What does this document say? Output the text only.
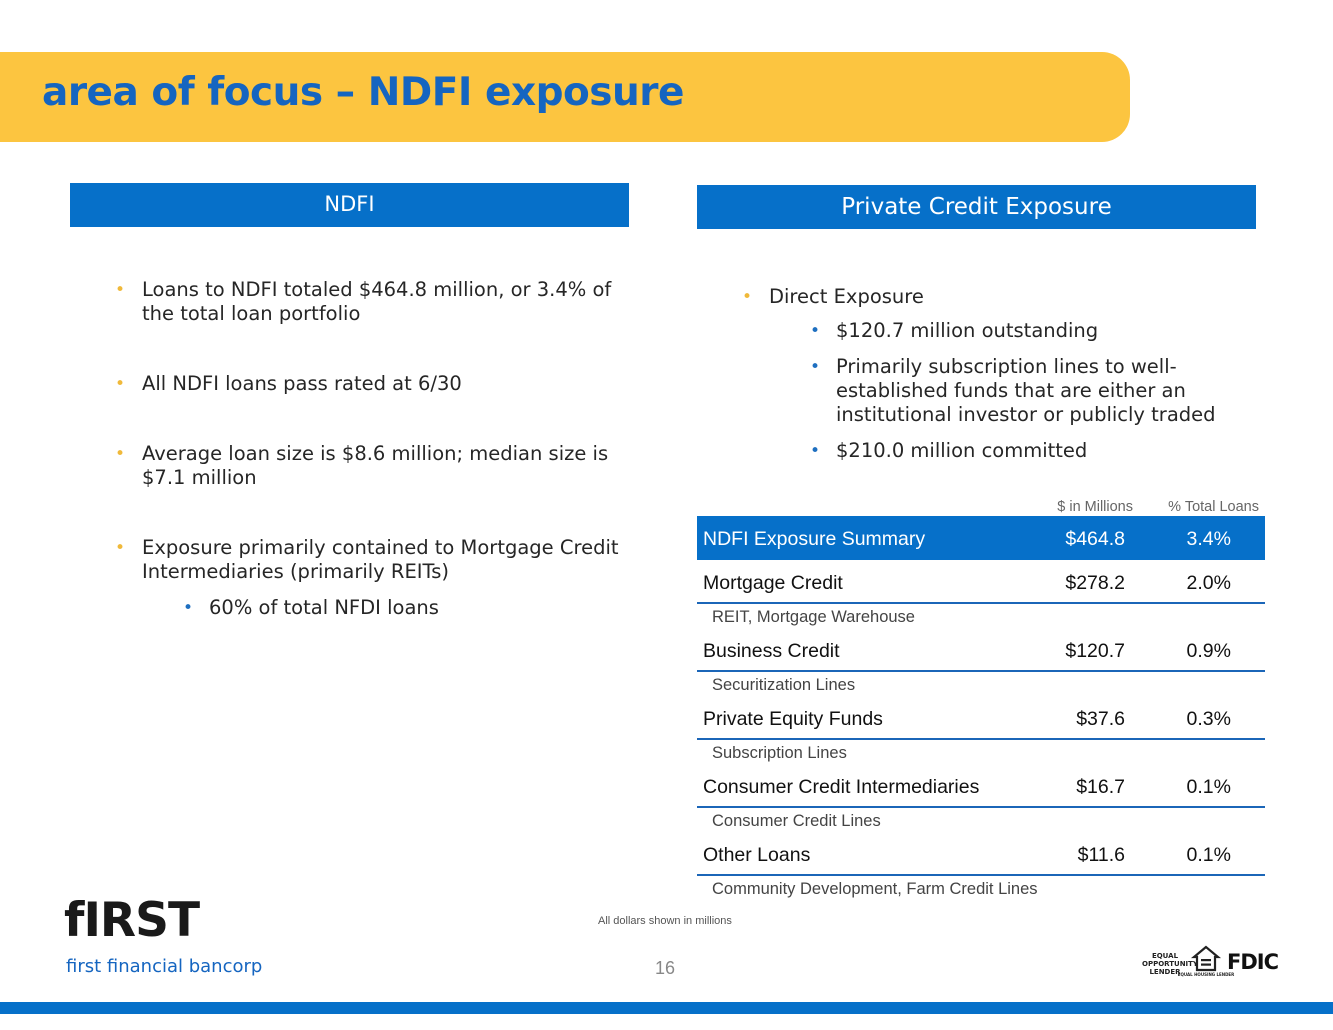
area of focus – NDFI exposure
NDFI	Private Credit Exposure
• Loans to NDFI totaled $464.8 million, or 3.4% of the total loan portfolio
• All NDFI loans pass rated at 6/30
• Average loan size is $8.6 million; median size is $7.1 million
• Exposure primarily contained to Mortgage Credit Intermediaries (primarily REITs)
• 60% of total NFDI loans
• Direct Exposure
• $120.7 million outstanding
• Primarily subscription lines to well-established funds that are either an institutional investor or publicly traded
• $210.0 million committed
$ in Millions	% Total Loans
NDFI Exposure Summary	$464.8	3.4%
Mortgage Credit	$278.2	2.0%
REIT, Mortgage Warehouse
Business Credit	$120.7	0.9%
Securitization Lines
Private Equity Funds	$37.6	0.3%
Subscription Lines
Consumer Credit Intermediaries	$16.7	0.1%
Consumer Credit Lines
Other Loans	$11.6	0.1%
Community Development, Farm Credit Lines
fIRST
first financial bancorp
All dollars shown in millions
16
EQUAL OPPORTUNITY LENDER
EQUAL HOUSING LENDER
FDIC
